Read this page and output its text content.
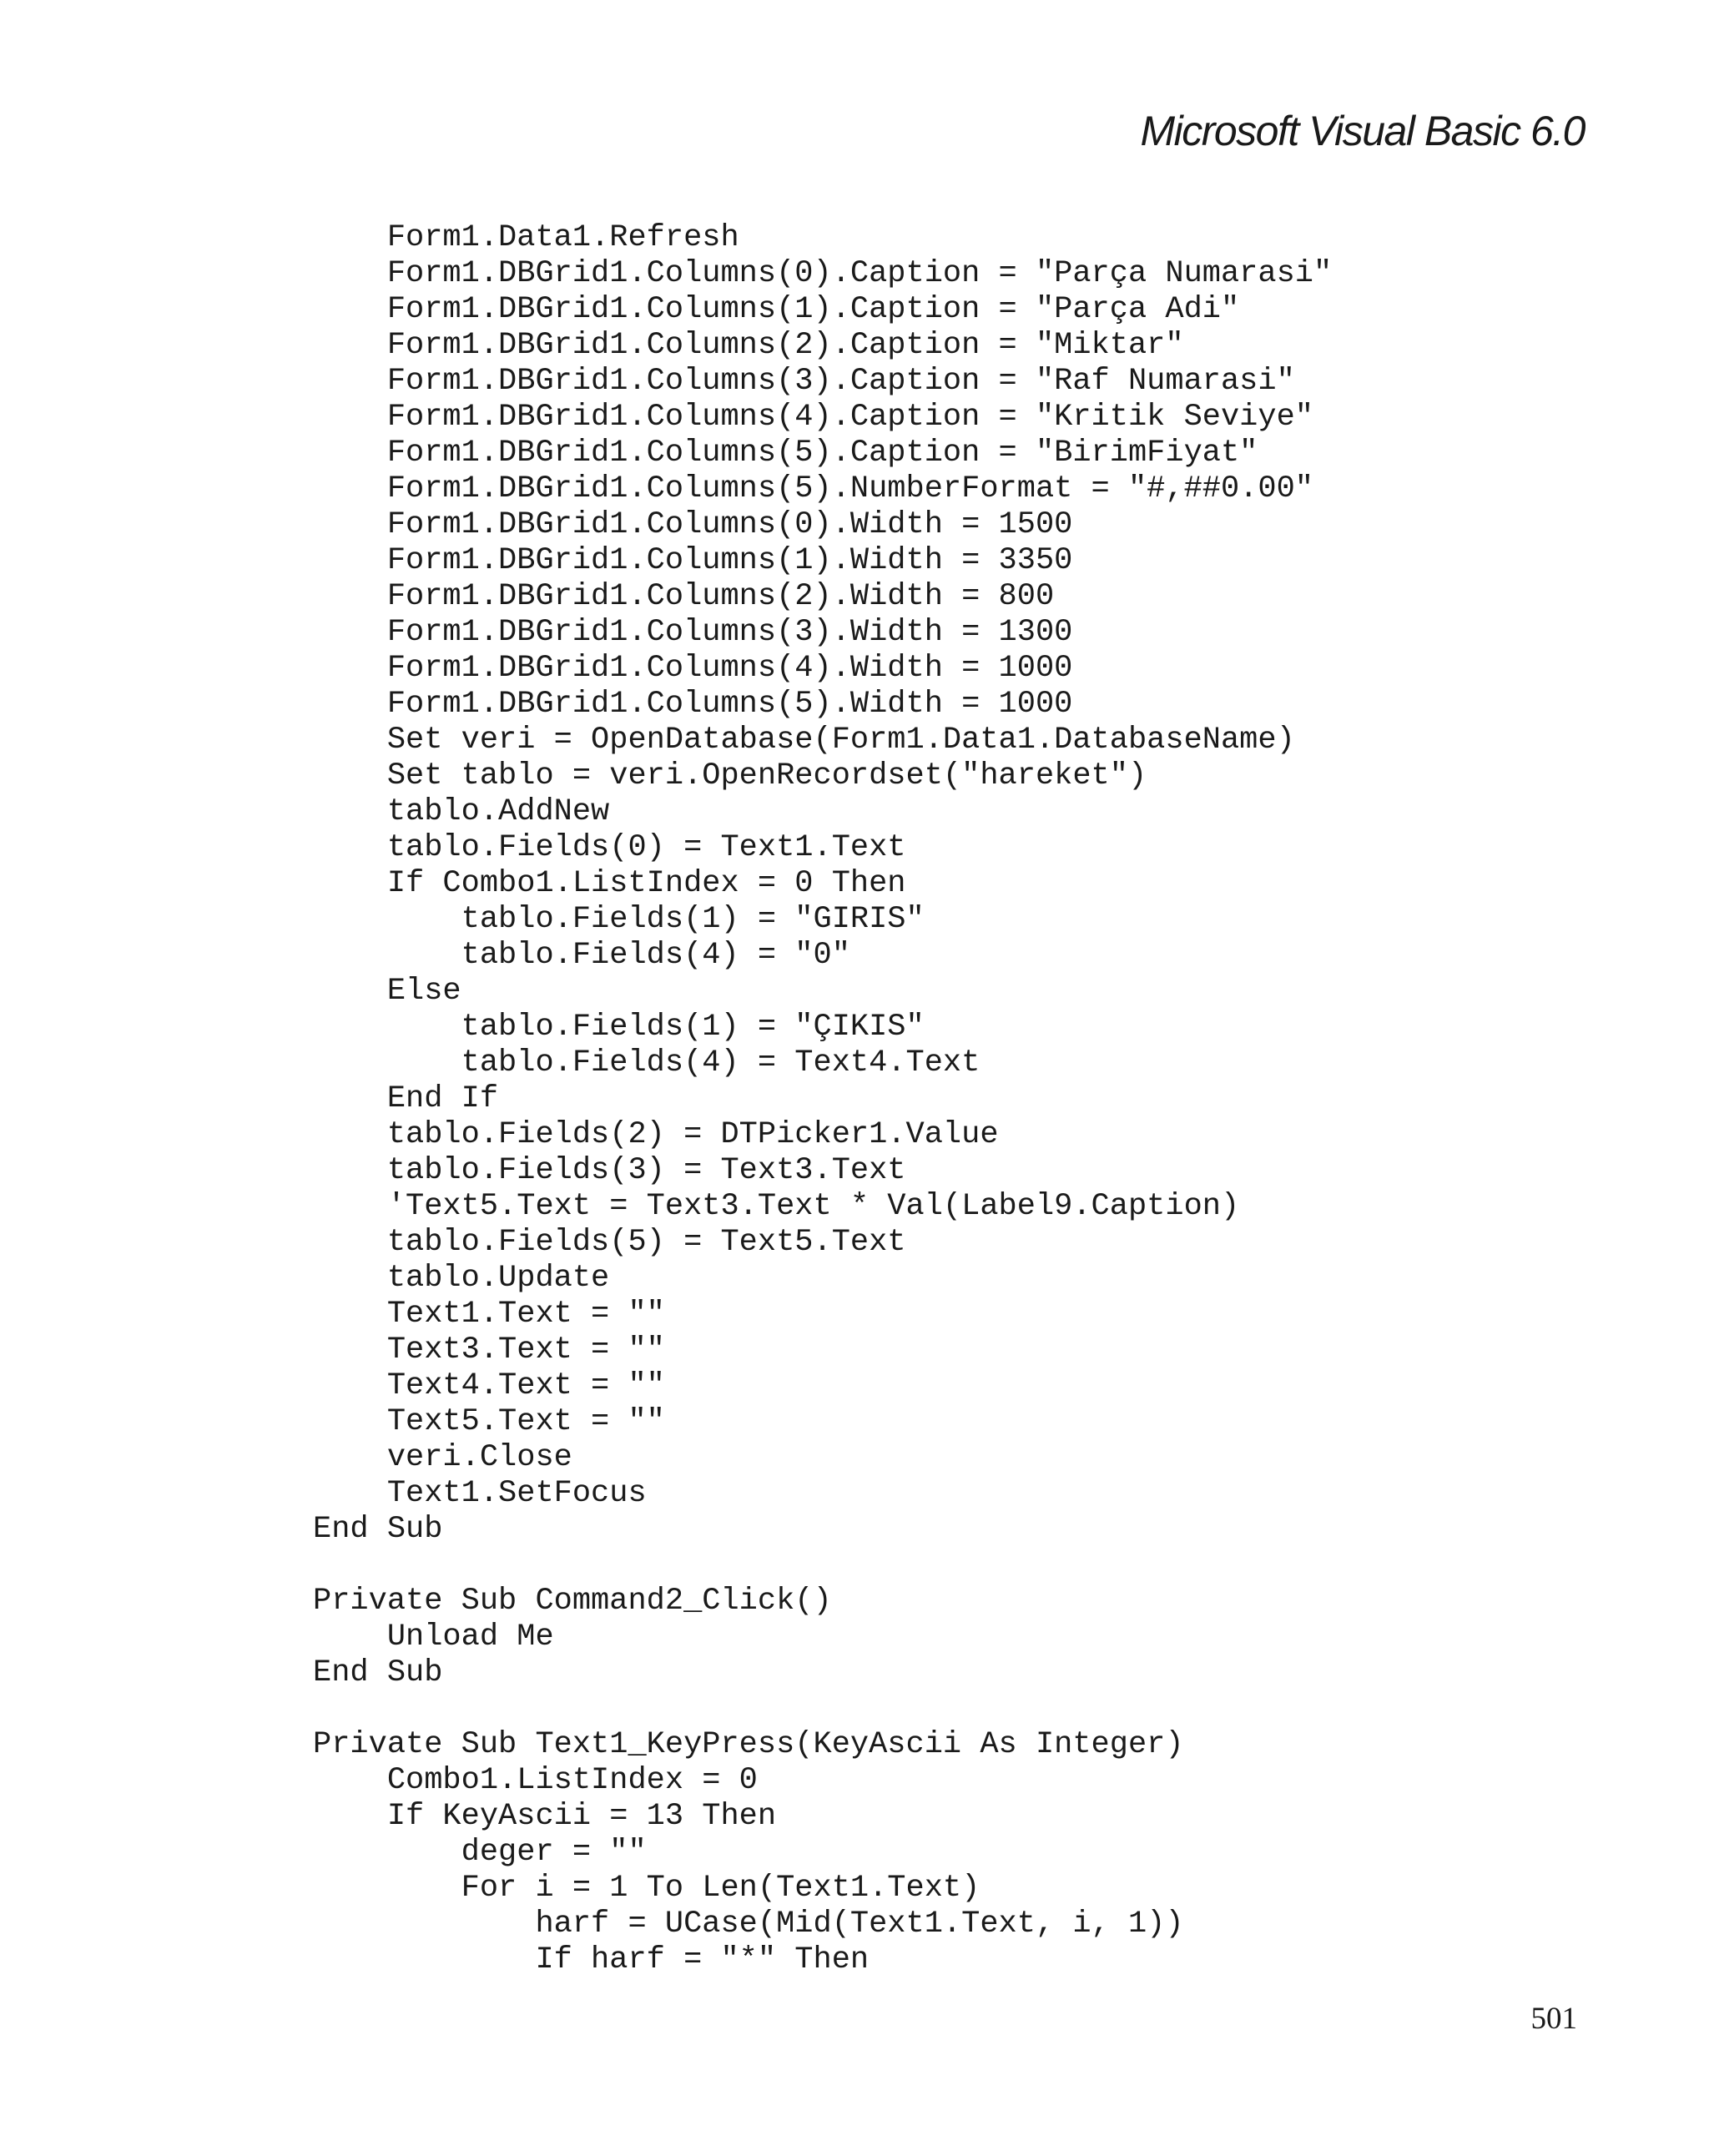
Microsoft Visual Basic 6.0
Form1.Data1.Refresh
Form1.DBGrid1.Columns(0).Caption = "Parça Numarasi"
Form1.DBGrid1.Columns(1).Caption = "Parça Adi"
Form1.DBGrid1.Columns(2).Caption = "Miktar"
Form1.DBGrid1.Columns(3).Caption = "Raf Numarasi"
Form1.DBGrid1.Columns(4).Caption = "Kritik Seviye"
Form1.DBGrid1.Columns(5).Caption = "BirimFiyat"
Form1.DBGrid1.Columns(5).NumberFormat = "#,##0.00"
Form1.DBGrid1.Columns(0).Width = 1500
Form1.DBGrid1.Columns(1).Width = 3350
Form1.DBGrid1.Columns(2).Width = 800
Form1.DBGrid1.Columns(3).Width = 1300
Form1.DBGrid1.Columns(4).Width = 1000
Form1.DBGrid1.Columns(5).Width = 1000
Set veri = OpenDatabase(Form1.Data1.DatabaseName)
Set tablo = veri.OpenRecordset("hareket")
tablo.AddNew
tablo.Fields(0) = Text1.Text
If Combo1.ListIndex = 0 Then
tablo.Fields(1) = "GIRIS"
tablo.Fields(4) = "0"
Else
tablo.Fields(1) = "ÇIKIS"
tablo.Fields(4) = Text4.Text
End If
tablo.Fields(2) = DTPicker1.Value
tablo.Fields(3) = Text3.Text
'Text5.Text = Text3.Text * Val(Label9.Caption)
tablo.Fields(5) = Text5.Text
tablo.Update
Text1.Text = ""
Text3.Text = ""
Text4.Text = ""
Text5.Text = ""
veri.Close
Text1.SetFocus
End Sub
Private Sub Command2_Click()
Unload Me
End Sub
Private Sub Text1_KeyPress(KeyAscii As Integer)
Combo1.ListIndex = 0
If KeyAscii = 13 Then
deger = ""
For i = 1 To Len(Text1.Text)
harf = UCase(Mid(Text1.Text, i, 1))
If harf = "*" Then
501
